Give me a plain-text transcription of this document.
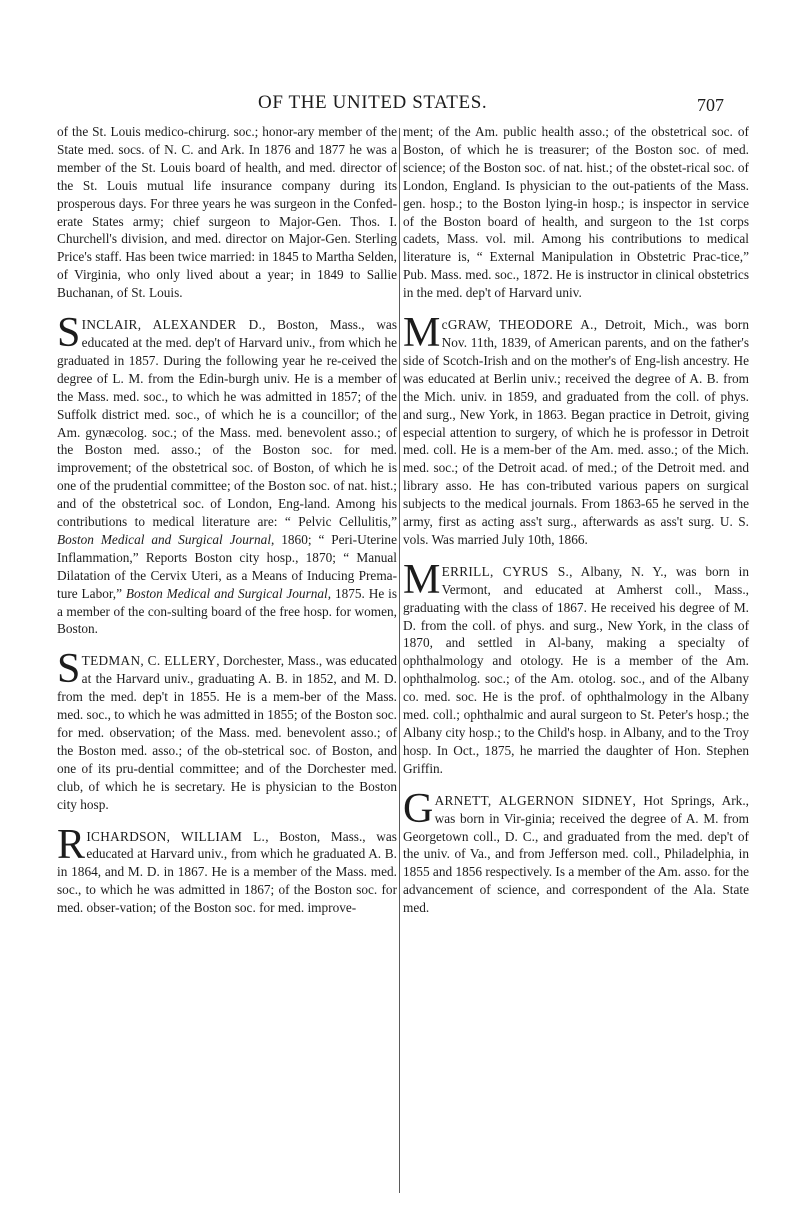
OF THE UNITED STATES.	707

of the St. Louis medico-chirurg. soc.; honor-ary member of the State med. socs. of N. C. and Ark. In 1876 and 1877 he was a member of the St. Louis board of health, and med. director of the St. Louis mutual life insurance company during its prosperous days. For three years he was surgeon in the Confed-erate States army; chief surgeon to Major-Gen. Thos. I. Churchell's division, and med. director on Major-Gen. Sterling Price's staff. Has been twice married: in 1845 to Martha Selden, of Virginia, who only lived about a year; in 1849 to Sallie Buchanan, of St. Louis.

SINCLAIR, ALEXANDER D., Boston, Mass., was educated at the med. dep't of Harvard univ., from which he graduated in 1857. During the following year he re-ceived the degree of L. M. from the Edin-burgh univ. He is a member of the Mass. med. soc., to which he was admitted in 1857; of the Suffolk district med. soc., of which he is a councillor; of the Am. gynæcolog. soc.; of the Mass. med. benevolent asso.; of the Boston med. asso.; of the Boston soc. for med. improvement; of the obstetrical soc. of Boston, of which he is one of the prudential committee; of the Boston soc. of nat. hist.; and of the obstetrical soc. of London, Eng-land. Among his contributions to medical literature are: “ Pelvic Cellulitis,” Boston Medical and Surgical Journal, 1860; “ Peri-Uterine Inflammation,” Reports Boston city hosp., 1870; “ Manual Dilatation of the Cervix Uteri, as a Means of Inducing Prema-ture Labor,” Boston Medical and Surgical Journal, 1875. He is a member of the con-sulting board of the free hosp. for women, Boston.

STEDMAN, C. ELLERY, Dorchester, Mass., was educated at the Harvard univ., graduating A. B. in 1852, and M. D. from the med. dep't in 1855. He is a mem-ber of the Mass. med. soc., to which he was admitted in 1855; of the Boston soc. for med. observation; of the Mass. med. benevolent asso.; of the Boston med. asso.; of the ob-stetrical soc. of Boston, and one of its pru-dential committee; and of the Dorchester med. club, of which he is secretary. He is physician to the Boston city hosp.

RICHARDSON, WILLIAM L., Boston, Mass., was educated at Harvard univ., from which he graduated A. B. in 1864, and M. D. in 1867. He is a member of the Mass. med. soc., to which he was admitted in 1867; of the Boston soc. for med. obser-vation; of the Boston soc. for med. improve-

ment; of the Am. public health asso.; of the obstetrical soc. of Boston, of which he is treasurer; of the Boston soc. of med. science; of the Boston soc. of nat. hist.; of the obstet-rical soc. of London, England. Is physician to the out-patients of the Mass. gen. hosp.; to the Boston lying-in hosp.; is inspector in service of the Boston board of health, and surgeon to the 1st corps cadets, Mass. vol. mil. Among his contributions to medical literature is, “ External Manipulation in Obstetric Prac-tice,” Pub. Mass. med. soc., 1872. He is instructor in clinical obstetrics in the med. dep't of Harvard univ.

McGRAW, THEODORE A., Detroit, Mich., was born Nov. 11th, 1839, of American parents, and on the father's side of Scotch-Irish and on the mother's of Eng-lish ancestry. He was educated at Berlin univ.; received the degree of A. B. from the Mich. univ. in 1859, and graduated from the coll. of phys. and surg., New York, in 1863. Began practice in Detroit, giving especial attention to surgery, of which he is professor in Detroit med. coll. He is a mem-ber of the Am. med. asso.; of the Mich. med. soc.; of the Detroit acad. of med.; of the Detroit med. and library asso. He has con-tributed various papers on surgical subjects to the medical journals. From 1863-65 he served in the army, first as acting ass't surg., afterwards as ass't surg. U. S. vols. Was married July 10th, 1866.

MERRILL, CYRUS S., Albany, N. Y., was born in Vermont, and educated at Amherst coll., Mass., graduating with the class of 1867. He received his degree of M. D. from the coll. of phys. and surg., New York, in the class of 1870, and settled in Al-bany, making a specialty of ophthalmology and otology. He is a member of the Am. ophthalmolog. soc.; of the Am. otolog. soc., and of the Albany co. med. soc. He is the prof. of ophthalmology in the Albany med. coll.; ophthalmic and aural surgeon to St. Peter's hosp.; the Albany city hosp.; to the Child's hosp. in Albany, and to the Troy hosp. In Oct., 1875, he married the daughter of Hon. Stephen Griffin.

GARNETT, ALGERNON SIDNEY, Hot Springs, Ark., was born in Vir-ginia; received the degree of A. M. from Georgetown coll., D. C., and graduated from the med. dep't of the univ. of Va., and from Jefferson med. coll., Philadelphia, in 1855 and 1856 respectively. Is a member of the Am. asso. for the advancement of science, and correspondent of the Ala. State med.
